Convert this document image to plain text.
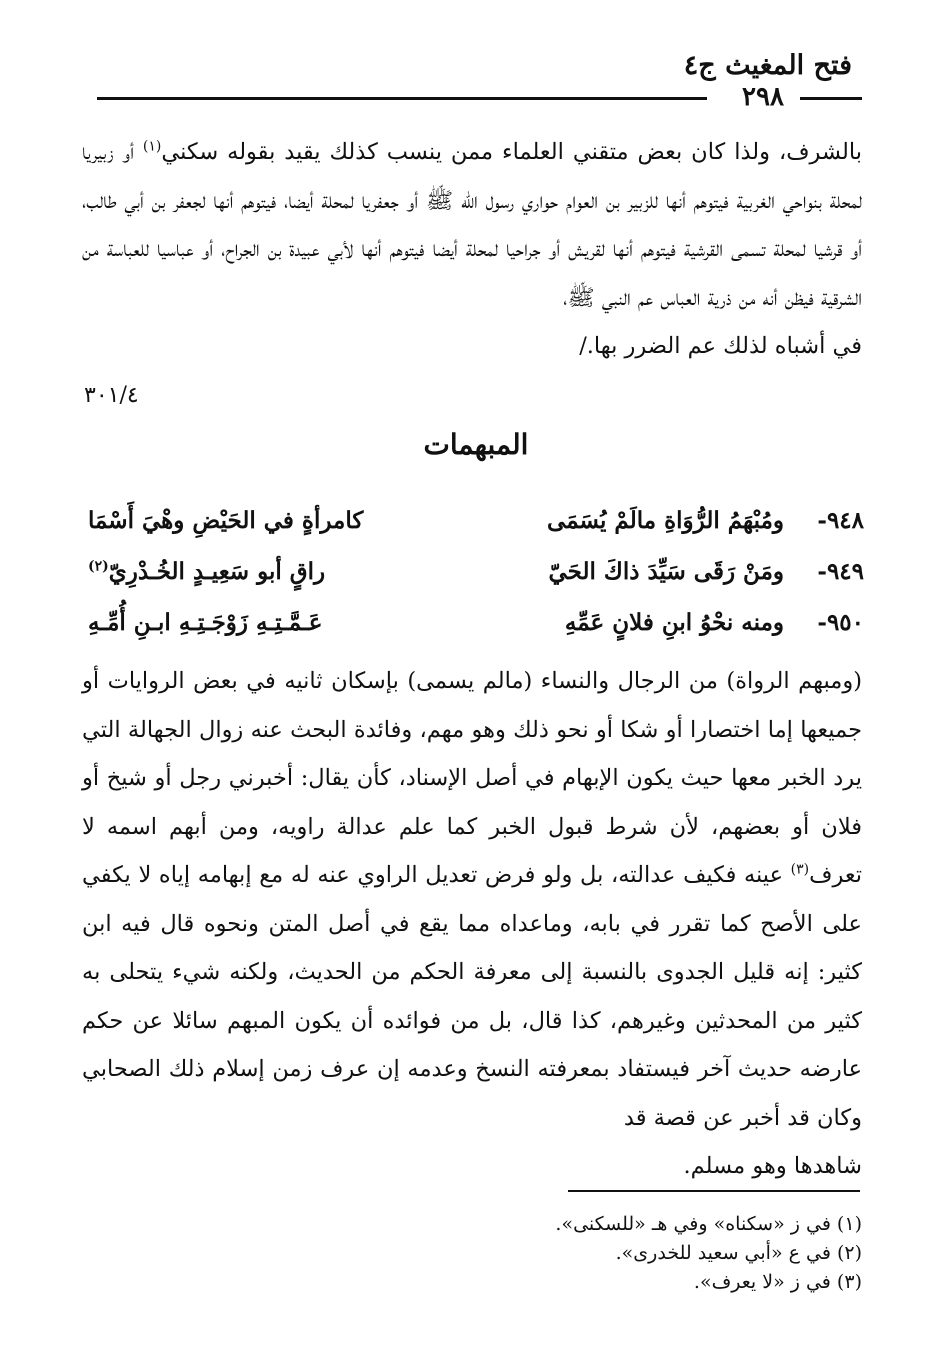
فتح المغيث ج٤
٢٩٨
بالشرف، ولذا كان بعض متقني العلماء ممن ينسب كذلك يقيد بقوله سكني$^{(١)}$ أو زبيريا لمحلة بنواحي الغربية فيتوهم أنها للزبير بن العوام حواري رسول الله ﷺ أو جعفريا لمحلة أيضا، فيتوهم أنها لجعفر بن أبي طالب، أو قرشيا لمحلة تسمى القرشية فيتوهم أنها لقريش أو جراحيا لمحلة أيضا فيتوهم أنها لأبي عبيدة بن الجراح، أو عباسيا للعباسة من الشرقية فيظن أنه من ذرية العباس عم النبي ﷺ،
في أشباه لذلك عم الضرر بها./
٣٠١/٤
المبهمات
٩٤٨-
ومُبْهَمُ الرُّوَاةِ مالَمْ يُسَمَى
كامرأةٍ في الحَيْضِ وهْيَ أَسْمَا
٩٤٩-
ومَنْ رَقَى سَيِّدَ ذاكَ الحَيّ
راقٍ أبو سَعِيـدٍ الخُـدْرِيّ$^{(٢)}$
٩٥٠-
ومنه نحْوُ ابنِ فلانٍ عَمِّهِ
عَـمَّـتِـهِ زَوْجَـتِـهِ ابـنِ أُمِّـهِ
(ومبهم الرواة) من الرجال والنساء (مالم يسمى) بإسكان ثانيه في بعض الروايات أو جميعها إما اختصارا أو شكا أو نحو ذلك وهو مهم، وفائدة البحث عنه زوال الجهالة التي يرد الخبر معها حيث يكون الإبهام في أصل الإسناد، كأن يقال: أخبرني رجل أو شيخ أو فلان أو بعضهم، لأن شرط قبول الخبر كما علم عدالة راويه، ومن أبهم اسمه لا تعرف$^{(٣)}$ عينه فكيف عدالته، بل ولو فرض تعديل الراوي عنه له مع إبهامه إياه لا يكفي على الأصح كما تقرر في بابه، وماعداه مما يقع في أصل المتن ونحوه قال فيه ابن كثير: إنه قليل الجدوى بالنسبة إلى معرفة الحكم من الحديث، ولكنه شيء يتحلى به كثير من المحدثين وغيرهم، كذا قال، بل من فوائده أن يكون المبهم سائلا عن حكم عارضه حديث آخر فيستفاد بمعرفته النسخ وعدمه إن عرف زمن إسلام ذلك الصحابي وكان قد أخبر عن قصة قد
شاهدها وهو مسلم.
(١) في ز «سكناه» وفي هـ «للسكنى».
(٢) في ع «أبي سعيد للخدرى».
(٣) في ز «لا يعرف».
